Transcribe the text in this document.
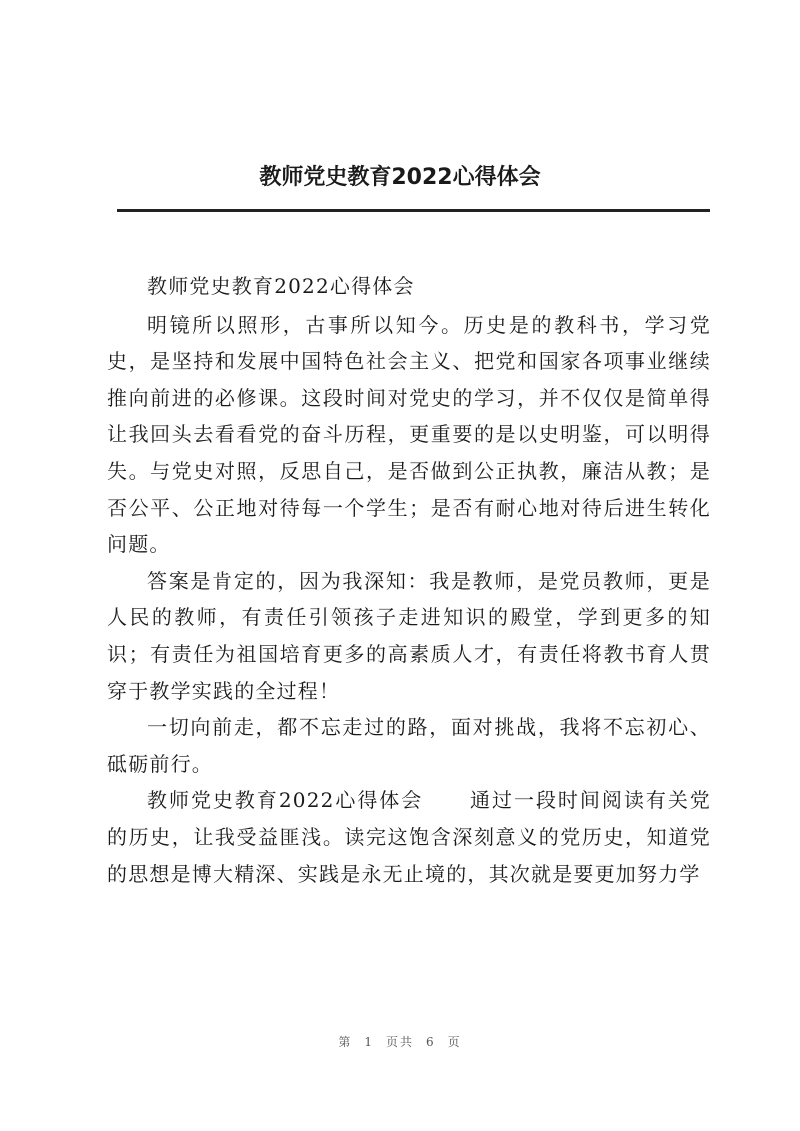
教师党史教育2022心得体会

教师党史教育2022心得体会

明镜所以照形，古事所以知今。历史是的教科书，学习党史，是坚持和发展中国特色社会主义、把党和国家各项事业继续推向前进的必修课。这段时间对党史的学习，并不仅仅是简单得让我回头去看看党的奋斗历程，更重要的是以史明鉴，可以明得失。与党史对照，反思自己，是否做到公正执教，廉洁从教；是否公平、公正地对待每一个学生；是否有耐心地对待后进生转化问题。

答案是肯定的，因为我深知：我是教师，是党员教师，更是人民的教师，有责任引领孩子走进知识的殿堂，学到更多的知识；有责任为祖国培育更多的高素质人才，有责任将教书育人贯穿于教学实践的全过程！

一切向前走，都不忘走过的路，面对挑战，我将不忘初心、砥砺前行。

教师党史教育2022心得体会 通过一段时间阅读有关党的历史，让我受益匪浅。读完这饱含深刻意义的党历史，知道党的思想是博大精深、实践是永无止境的，其次就是要更加努力学

第 1 页共 6 页
